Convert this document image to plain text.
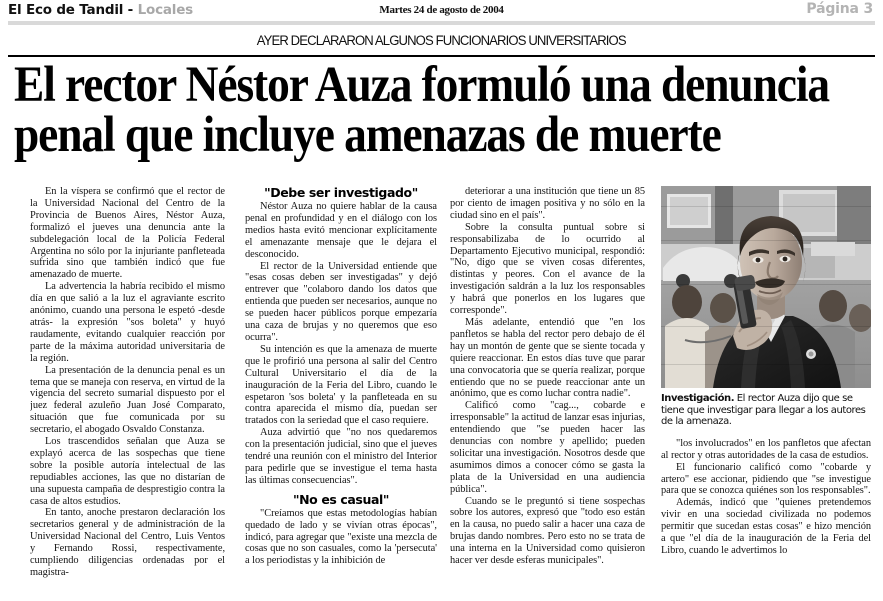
El Eco de Tandil - Locales	Martes 24 de agosto de 2004	Página 3
AYER DECLARARON ALGUNOS FUNCIONARIOS UNIVERSITARIOS
El rector Néstor Auza formuló una denuncia
penal que incluye amenazas de muerte

En la víspera se confirmó que el rector de la Universidad Nacional del Centro de la Provincia de Buenos Aires, Néstor Auza, formalizó el jueves una denuncia ante la subdelegación local de la Policía Federal Argentina no sólo por la injuriante panfleteada sufrida sino que también indicó que fue amenazado de muerte.

La advertencia la habría recibido el mismo día en que salió a la luz el agraviante escrito anónimo, cuando una persona le espetó -desde atrás- la expresión "sos boleta" y huyó raudamente, evitando cualquier reacción por parte de la máxima autoridad universitaria de la región.

La presentación de la denuncia penal es un tema que se maneja con reserva, en virtud de la vigencia del secreto sumarial dispuesto por el juez federal azuleño Juan José Comparato, situación que fue comunicada por su secretario, el abogado Osvaldo Constanza.

Los trascendidos señalan que Auza se explayó acerca de las sospechas que tiene sobre la posible autoría intelectual de las repudiables acciones, las que no distarían de una supuesta campaña de desprestigio contra la casa de altos estudios.

En tanto, anoche prestaron declaración los secretarios general y de administración de la Universidad Nacional del Centro, Luis Ventos y Fernando Rossi, respectivamente, cumpliendo diligencias ordenadas por el magistra-

"Debe ser investigado"

Néstor Auza no quiere hablar de la causa penal en profundidad y en el diálogo con los medios hasta evitó mencionar explícitamente el amenazante mensaje que le dejara el desconocido.

El rector de la Universidad entiende que "esas cosas deben ser investigadas" y dejó entrever que "colaboro dando los datos que entienda que pueden ser necesarios, aunque no se pueden hacer públicos porque empezaría una caza de brujas y no queremos que eso ocurra".

Su intención es que la amenaza de muerte que le profirió una persona al salir del Centro Cultural Universitario el día de la inauguración de la Feria del Libro, cuando le espetaron 'sos boleta' y la panfleteada en su contra aparecida el mismo día, puedan ser tratados con la seriedad que el caso requiere.

Auza advirtió que "no nos quedaremos con la presentación judicial, sino que el jueves tendré una reunión con el ministro del Interior para pedirle que se investigue el tema hasta las últimas consecuencias".

"No es casual"

"Creíamos que estas metodologías habían quedado de lado y se vivían otras épocas", indicó, para agregar que "existe una mezcla de cosas que no son casuales, como la 'persecuta' a los periodistas y la inhibición de

deteriorar a una institución que tiene un 85 por ciento de imagen positiva y no sólo en la ciudad sino en el país".

Sobre la consulta puntual sobre si responsabilizaba de lo ocurrido al Departamento Ejecutivo municipal, respondió: "No, digo que se viven cosas diferentes, distintas y peores. Con el avance de la investigación saldrán a la luz los responsables y habrá que ponerlos en los lugares que corresponde".

Más adelante, entendió que "en los panfletos se habla del rector pero debajo de él hay un montón de gente que se siente tocada y quiere reaccionar. En estos días tuve que parar una convocatoria que se quería realizar, porque entiendo que no se puede reaccionar ante un anónimo, que es como luchar contra nadie".

Calificó como "cag..., cobarde e irresponsable" la actitud de lanzar esas injurias, entendiendo que "se pueden hacer las denuncias con nombre y apellido; pueden solicitar una investigación. Nosotros desde que asumimos dimos a conocer cómo se gasta la plata de la Universidad en una audiencia pública".

Cuando se le preguntó si tiene sospechas sobre los autores, expresó que "todo eso están en la causa, no puedo salir a hacer una caza de brujas dando nombres. Pero esto no se trata de una interna en la Universidad como quisieron hacer ver desde esferas municipales".

Investigación. El rector Auza dijo que se tiene que investigar para llegar a los autores de la amenaza.

"los involucrados" en los panfletos que afectan al rector y otras autoridades de la casa de estudios.

El funcionario calificó como "cobarde y artero" ese accionar, pidiendo que "se investigue para que se conozca quiénes son los responsables".

Además, indicó que "quienes pretendemos vivir en una sociedad civilizada no podemos permitir que sucedan estas cosas" e hizo mención a que "el día de la inauguración de la Feria del Libro, cuando le advertimos lo
